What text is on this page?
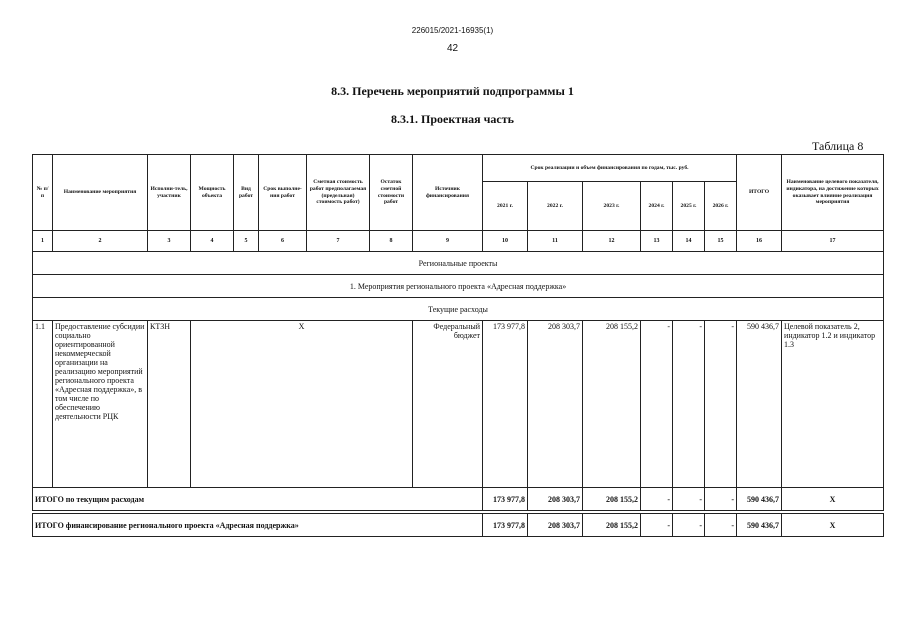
226015/2021-16935(1)
42
8.3. Перечень мероприятий подпрограммы 1
8.3.1. Проектная часть
Таблица 8
№ п/п	Наименование мероприятия	Исполни-тель, участник	Мощность объекта	Вид работ	Срок выполне-ния работ	Сметная стоимость работ предполагаемая (предельная) стоимость работ)	Остаток сметной стоимости работ	Источник финансирования	Срок реализации и объем финансирования по годам, тыс. руб.						ИТОГО	Наименование целевого показателя, индикатора, на достижение которых оказывает влияние реализация мероприятия
									2021 г.	2022 г.	2023 г.	2024 г.	2025 г.	2026 г.		
1	2	3	4	5	6	7	8	9	10	11	12	13	14	15	16	17
Региональные проекты																
1. Мероприятия регионального проекта «Адресная поддержка»																
Текущие расходы																
1.1	Предоставление субсидии социально ориентированной некоммерческой организации на реализацию мероприятий регионального проекта «Адресная поддержка», в том числе по обеспечению деятельности РЦК	КТЗН	Х					Федеральный бюджет	173 977,8	208 303,7	208 155,2	-	-	-	590 436,7	Целевой показатель 2, индикатор 1.2 и индикатор 1.3
ИТОГО по текущим расходам									173 977,8	208 303,7	208 155,2	-	-	-	590 436,7	Х

ИТОГО финансирование регионального проекта «Адресная поддержка»									173 977,8	208 303,7	208 155,2	-	-	-	590 436,7	Х
